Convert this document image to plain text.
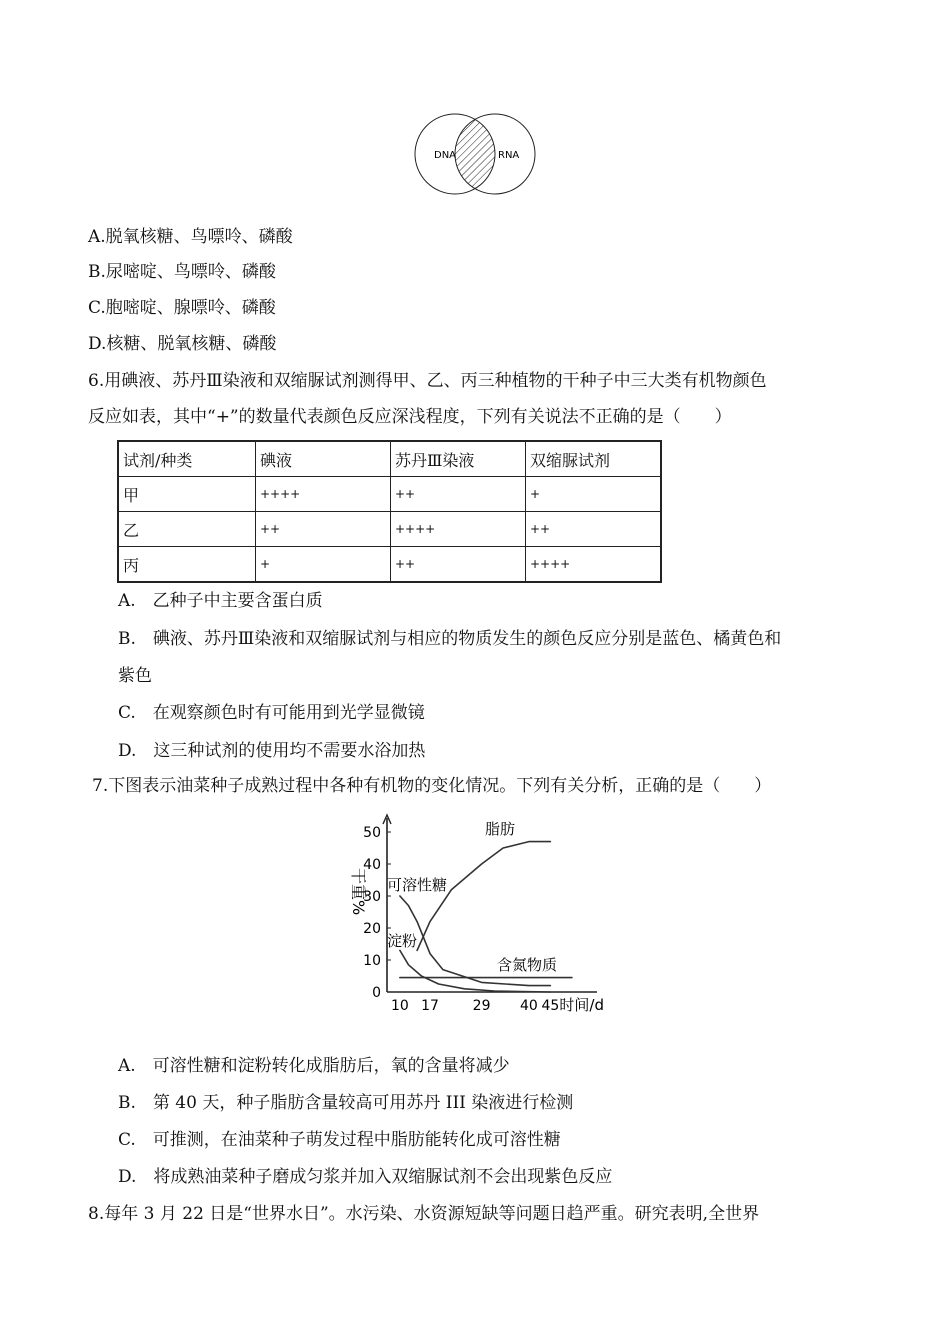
DNA	RNA
A.脱氧核糖、鸟嘌呤、磷酸
B.尿嘧啶、鸟嘌呤、磷酸
C.胞嘧啶、腺嘌呤、磷酸
D.核糖、脱氧核糖、磷酸
6.用碘液、苏丹Ⅲ染液和双缩脲试剂测得甲、乙、丙三种植物的干种子中三大类有机物颜色
反应如表，其中“+”的数量代表颜色反应深浅程度，下列有关说法不正确的是（　　）
试剂/种类	碘液	苏丹Ⅲ染液	双缩脲试剂
甲	++++	++	+
乙	++	++++	++
丙	+	++	++++
A.　乙种子中主要含蛋白质
B.　碘液、苏丹Ⅲ染液和双缩脲试剂与相应的物质发生的颜色反应分别是蓝色、橘黄色和
紫色
C.　在观察颜色时有可能用到光学显微镜
D.　这三种试剂的使用均不需要水浴加热
7.下图表示油菜种子成熟过程中各种有机物的变化情况。下列有关分析，正确的是（　　）
0
10
20
30
40
50
10 17 29 40 45 时间/d
干重%
脂肪
可溶性糖
淀粉
含氮物质
A.　可溶性糖和淀粉转化成脂肪后，氧的含量将减少
B.　第 40 天，种子脂肪含量较高可用苏丹 III 染液进行检测
C.　可推测，在油菜种子萌发过程中脂肪能转化成可溶性糖
D.　将成熟油菜种子磨成匀浆并加入双缩脲试剂不会出现紫色反应
8.每年 3 月 22 日是“世界水日”。水污染、水资源短缺等问题日趋严重。研究表明,全世界
